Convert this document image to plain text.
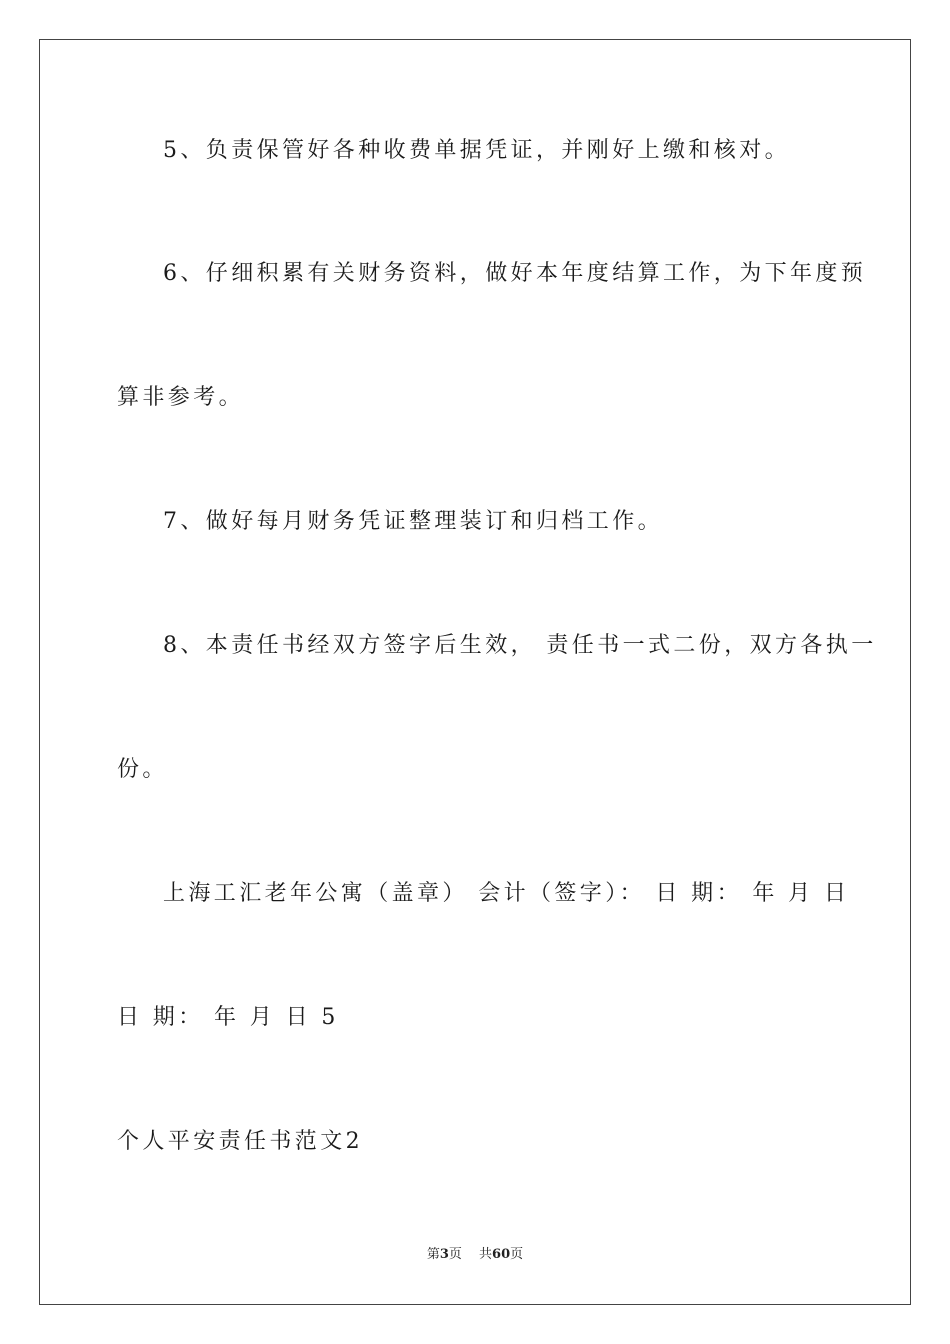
5、负责保管好各种收费单据凭证，并刚好上缴和核对。
6、仔细积累有关财务资料，做好本年度结算工作，为下年度预
算非参考。
7、做好每月财务凭证整理装订和归档工作。
8、本责任书经双方签字后生效， 责任书一式二份，双方各执一
份。
上海工汇老年公寓（盖章） 会计（签字）： 日 期： 年 月 日
日 期： 年 月 日 5
个人平安责任书范文2
第3页　 共60页
